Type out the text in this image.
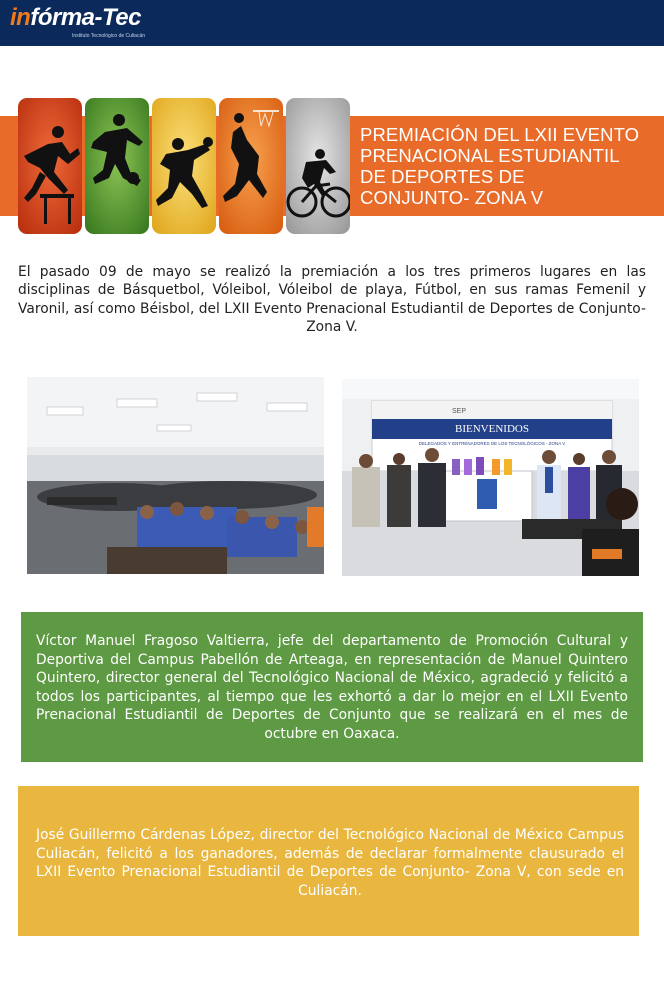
infórma-Tec
Instituto Tecnológico de Culiacán
PREMIACIÓN DEL LXII EVENTO
PRENACIONAL ESTUDIANTIL
DE DEPORTES DE
CONJUNTO- ZONA V

El pasado 09 de mayo se realizó la premiación a los tres primeros lugares en las disciplinas de Básquetbol, Vóleibol, Vóleibol de playa, Fútbol, en sus ramas Femenil y Varonil, así como Béisbol, del LXII Evento Prenacional Estudiantil de Deportes de Conjunto- Zona V.

SEP
BIENVENIDOS
DELEGADOS Y ENTRENADORES DE LOS TECNOLÓGICOS - ZONA V

Víctor Manuel Fragoso Valtierra, jefe del departamento de Promoción Cultural y Deportiva del Campus Pabellón de Arteaga, en representación de Manuel Quintero Quintero, director general del Tecnológico Nacional de México, agradeció y felicitó a todos los participantes, al tiempo que les exhortó a dar lo mejor en el LXII Evento Prenacional Estudiantil de Deportes de Conjunto que se realizará en el mes de octubre en Oaxaca.

José Guillermo Cárdenas López, director del Tecnológico Nacional de México Campus Culiacán, felicitó a los ganadores, además de declarar formalmente clausurado el LXII Evento Prenacional Estudiantil de Deportes de Conjunto- Zona V, con sede en Culiacán.
